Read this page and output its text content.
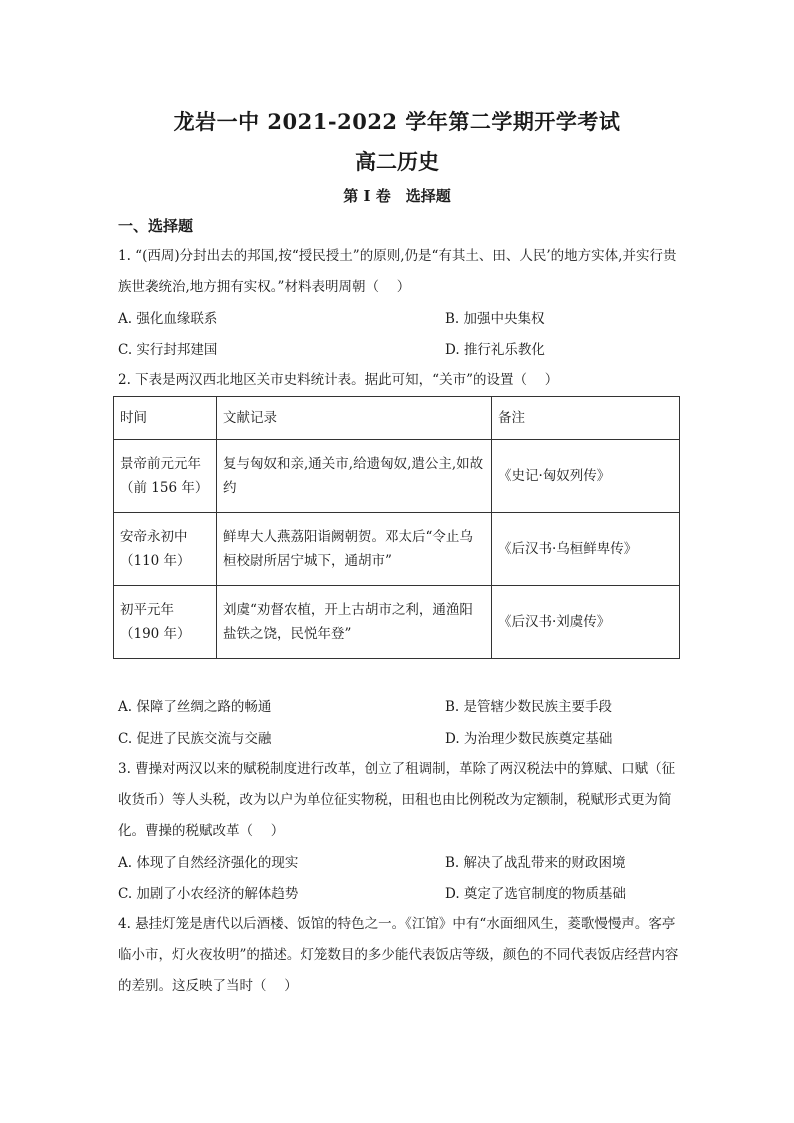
龙岩一中 2021-2022 学年第二学期开学考试
高二历史
第 I 卷　选择题
一、选择题
1. “(西周)分封出去的邦国,按“授民授土”的原则,仍是“有其土、田、人民’的地方实体,并实行贵族世袭统治,地方拥有实权。”材料表明周朝（　 ）
A. 强化血缘联系	B. 加强中央集权
C. 实行封邦建国	D. 推行礼乐教化
2. 下表是两汉西北地区关市史料统计表。据此可知，“关市”的设置（　 ）
时间	文献记录	备注
景帝前元元年（前 156 年）	复与匈奴和亲,通关市,给遗匈奴,遣公主,如故约	《史记·匈奴列传》
安帝永初中（110 年）	鲜卑大人燕荔阳诣阙朝贺。邓太后“令止乌桓校尉所居宁城下，通胡市”	《后汉书·乌桓鲜卑传》
初平元年（190 年）	刘虞“劝督农植，开上古胡市之利，通渔阳盐铁之饶，民悦年登”	《后汉书·刘虞传》
A. 保障了丝绸之路的畅通	B. 是管辖少数民族主要手段
C. 促进了民族交流与交融	D. 为治理少数民族奠定基础
3. 曹操对两汉以来的赋税制度进行改革，创立了租调制，革除了两汉税法中的算赋、口赋（征收货币）等人头税，改为以户为单位征实物税，田租也由比例税改为定额制，税赋形式更为简化。曹操的税赋改革（　 ）
A. 体现了自然经济强化的现实	B. 解决了战乱带来的财政困境
C. 加剧了小农经济的解体趋势	D. 奠定了选官制度的物质基础
4. 悬挂灯笼是唐代以后酒楼、饭馆的特色之一。《江馆》中有“水面细风生，菱歌慢慢声。客亭临小市，灯火夜妆明”的描述。灯笼数目的多少能代表饭店等级，颜色的不同代表饭店经营内容的差别。这反映了当时（　 ）
